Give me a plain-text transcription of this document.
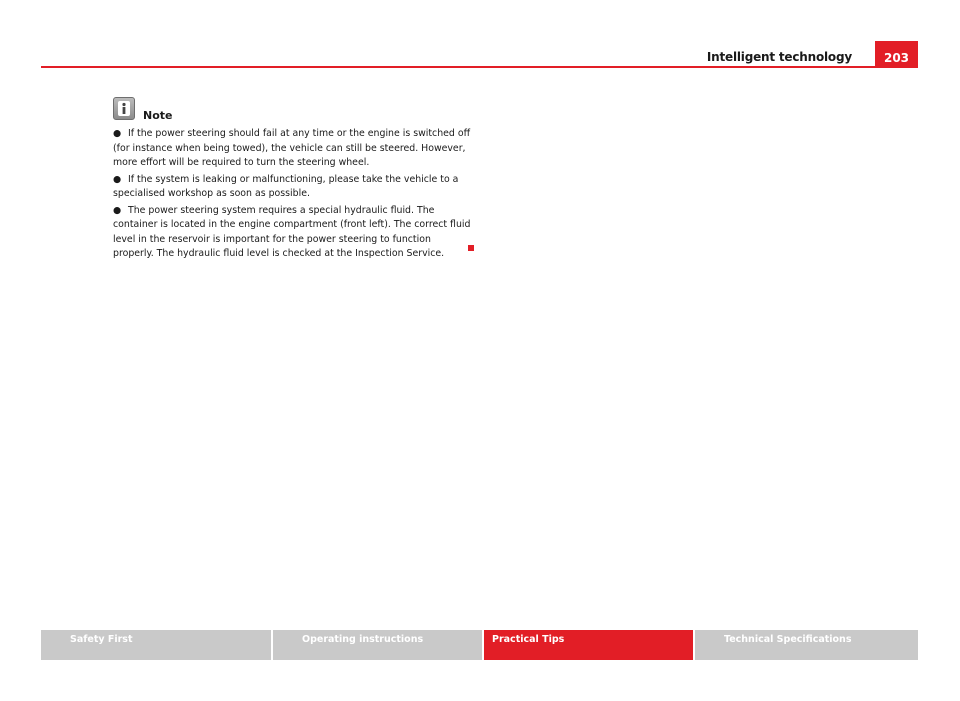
Intelligent technology	203
Note

● If the power steering should fail at any time or the engine is switched off (for instance when being towed), the vehicle can still be steered. However, more effort will be required to turn the steering wheel.

● If the system is leaking or malfunctioning, please take the vehicle to a specialised workshop as soon as possible.

● The power steering system requires a special hydraulic fluid. The container is located in the engine compartment (front left). The correct fluid level in the reservoir is important for the power steering to function properly. The hydraulic fluid level is checked at the Inspection Service.

Safety First	Operating instructions	Practical Tips	Technical Specifications
